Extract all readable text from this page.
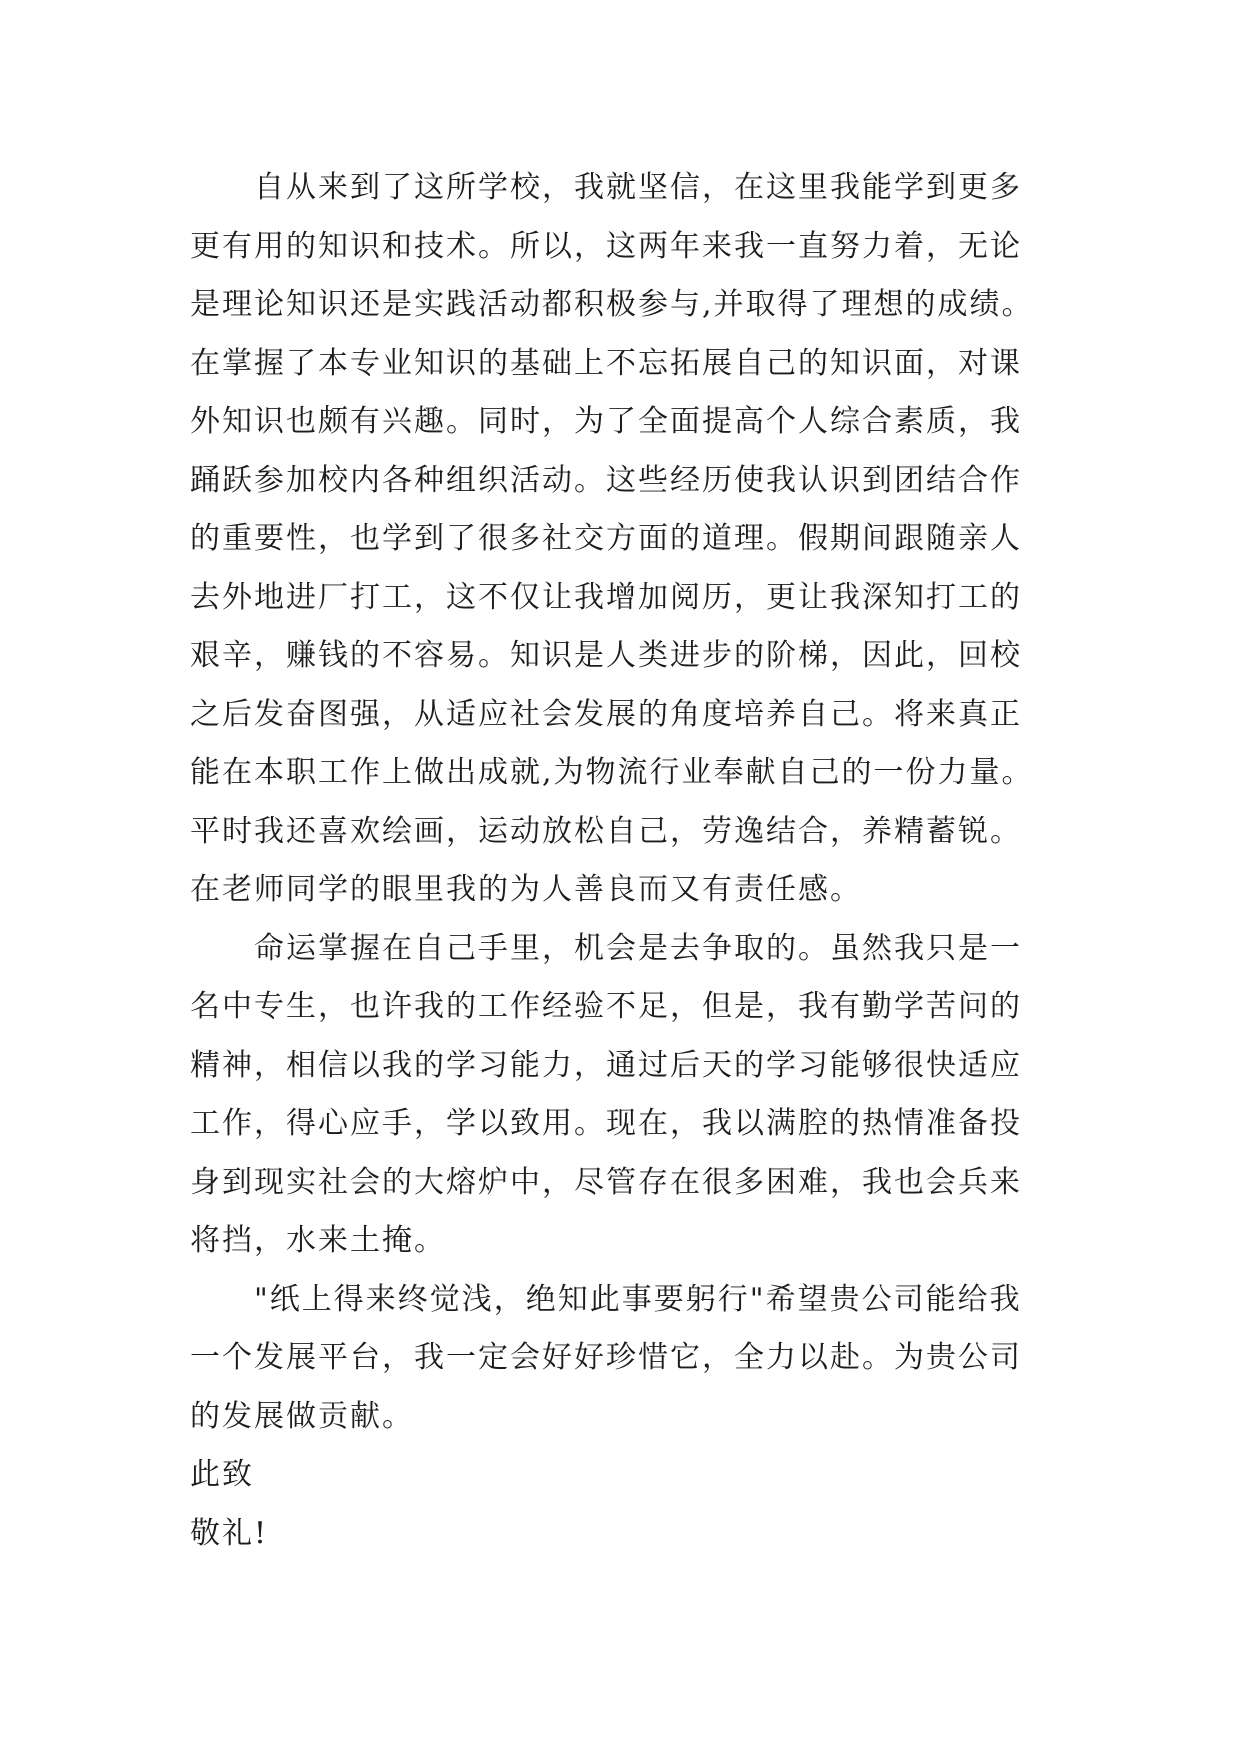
自从来到了这所学校，我就坚信，在这里我能学到更多
更有用的知识和技术。所以，这两年来我一直努力着，无论
是理论知识还是实践活动都积极参与,并取得了理想的成绩。
在掌握了本专业知识的基础上不忘拓展自己的知识面，对课
外知识也颇有兴趣。同时，为了全面提高个人综合素质，我
踊跃参加校内各种组织活动。这些经历使我认识到团结合作
的重要性，也学到了很多社交方面的道理。假期间跟随亲人
去外地进厂打工，这不仅让我增加阅历，更让我深知打工的
艰辛，赚钱的不容易。知识是人类进步的阶梯，因此，回校
之后发奋图强，从适应社会发展的角度培养自己。将来真正
能在本职工作上做出成就,为物流行业奉献自己的一份力量。
平时我还喜欢绘画，运动放松自己，劳逸结合，养精蓄锐。
在老师同学的眼里我的为人善良而又有责任感。
命运掌握在自己手里，机会是去争取的。虽然我只是一
名中专生，也许我的工作经验不足，但是，我有勤学苦问的
精神，相信以我的学习能力，通过后天的学习能够很快适应
工作，得心应手，学以致用。现在，我以满腔的热情准备投
身到现实社会的大熔炉中，尽管存在很多困难，我也会兵来
将挡，水来土掩。
"纸上得来终觉浅，绝知此事要躬行"希望贵公司能给我
一个发展平台，我一定会好好珍惜它，全力以赴。为贵公司
的发展做贡献。
此致
敬礼!
